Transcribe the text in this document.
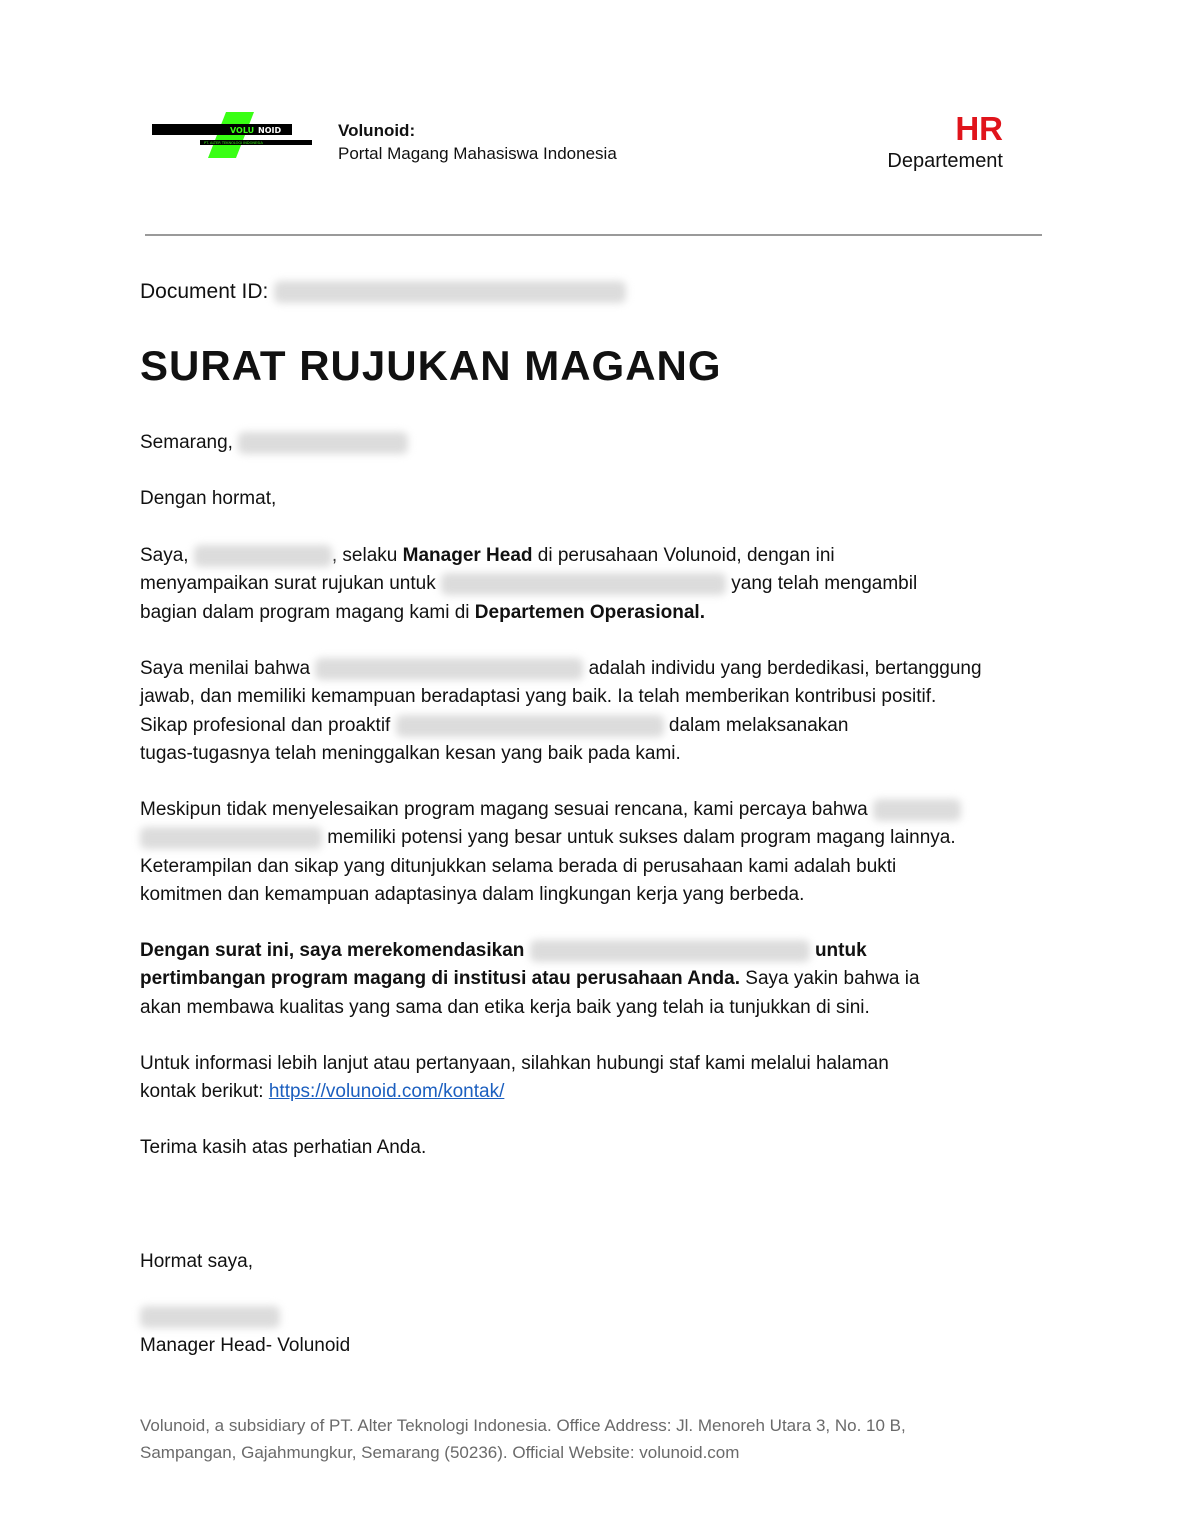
VOLU NOID
PT. ALTER TEKNOLOGI INDONESIA
Volunoid:
Portal Magang Mahasiswa Indonesia
HR
Departement
Document ID:
SURAT RUJUKAN MAGANG
Semarang,
Dengan hormat,
Saya,	, selaku Manager Head di perusahaan Volunoid, dengan ini
menyampaikan surat rujukan untuk	yang telah mengambil
bagian dalam program magang kami di Departemen Operasional.
Saya menilai bahwa	adalah individu yang berdedikasi, bertanggung
jawab, dan memiliki kemampuan beradaptasi yang baik. Ia telah memberikan kontribusi positif.
Sikap profesional dan proaktif	dalam melaksanakan
tugas-tugasnya telah meninggalkan kesan yang baik pada kami.
Meskipun tidak menyelesaikan program magang sesuai rencana, kami percaya bahwa
memiliki potensi yang besar untuk sukses dalam program magang lainnya.
Keterampilan dan sikap yang ditunjukkan selama berada di perusahaan kami adalah bukti
komitmen dan kemampuan adaptasinya dalam lingkungan kerja yang berbeda.
Dengan surat ini, saya merekomendasikan	untuk
pertimbangan program magang di institusi atau perusahaan Anda. Saya yakin bahwa ia
akan membawa kualitas yang sama dan etika kerja baik yang telah ia tunjukkan di sini.
Untuk informasi lebih lanjut atau pertanyaan, silahkan hubungi staf kami melalui halaman
kontak berikut: https://volunoid.com/kontak/
Terima kasih atas perhatian Anda.
Hormat saya,
Manager Head- Volunoid
Volunoid, a subsidiary of PT. Alter Teknologi Indonesia. Office Address: Jl. Menoreh Utara 3, No. 10 B,
Sampangan, Gajahmungkur, Semarang (50236). Official Website: volunoid.com
